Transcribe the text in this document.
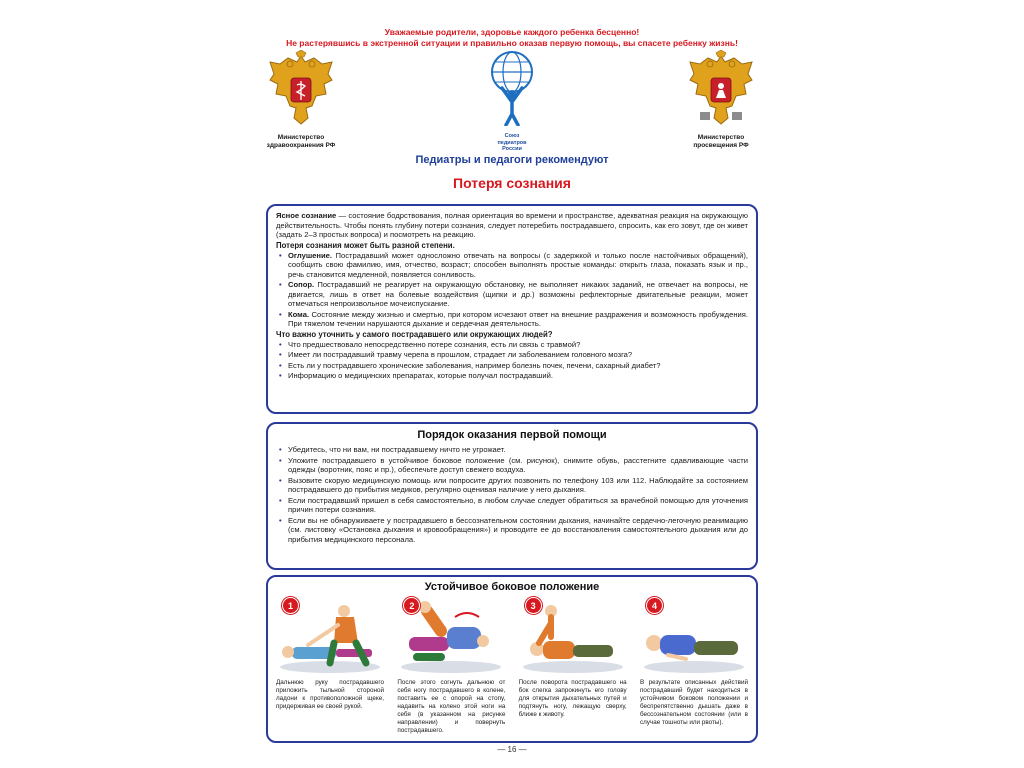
Уважаемые родители, здоровье каждого ребенка бесценно!
Не растерявшись в экстренной ситуации и правильно оказав первую помощь, вы спасете ребенку жизнь!
Министерство
здравоохранения РФ
Союз
педиатров
России
Министерство
просвещения РФ
Педиатры и педагоги рекомендуют
Потеря сознания
Ясное сознание — состояние бодрствования, полная ориентация во времени и пространстве, адекватная реакция на окружающую действительность. Чтобы понять глубину потери сознания, следует потеребить пострадавшего, спросить, как его зовут, где он живет (задать 2–3 простых вопроса) и посмотреть на реакцию.
Потеря сознания может быть разной степени.
• Оглушение. Пострадавший может односложно отвечать на вопросы (с задержкой и только после настойчивых обращений), сообщить свою фамилию, имя, отчество, возраст; способен выполнять простые команды: открыть глаза, показать язык и пр., речь становится медленной, появляется сонливость.
• Сопор. Пострадавший не реагирует на окружающую обстановку, не выполняет никаких заданий, не отвечает на вопросы, не двигается, лишь в ответ на болевые воздействия (щипки и др.) возможны рефлекторные двигательные реакции, может отмечаться непроизвольное мочеиспускание.
• Кома. Состояние между жизнью и смертью, при котором исчезают ответ на внешние раздражения и возможность пробуждения. При тяжелом течении нарушаются дыхание и сердечная деятельность.
Что важно уточнить у самого пострадавшего или окружающих людей?
• Что предшествовало непосредственно потере сознания, есть ли связь с травмой?
• Имеет ли пострадавший травму черепа в прошлом, страдает ли заболеванием головного мозга?
• Есть ли у пострадавшего хронические заболевания, например болезнь почек, печени, сахарный диабет?
• Информацию о медицинских препаратах, которые получал пострадавший.
Порядок оказания первой помощи
• Убедитесь, что ни вам, ни пострадавшему ничто не угрожает.
• Уложите пострадавшего в устойчивое боковое положение (см. рисунок), снимите обувь, расстегните сдавливающие части одежды (воротник, пояс и пр.), обеспечьте доступ свежего воздуха.
• Вызовите скорую медицинскую помощь или попросите других позвонить по телефону 103 или 112. Наблюдайте за состоянием пострадавшего до прибытия медиков, регулярно оценивая наличие у него дыхания.
• Если пострадавший пришел в себя самостоятельно, в любом случае следует обратиться за врачебной помощью для уточнения причин потери сознания.
• Если вы не обнаруживаете у пострадавшего в бессознательном состоянии дыхания, начинайте сердечно-легочную реанимацию (см. листовку «Остановка дыхания и кровообращения») и проводите ее до восстановления самостоятельного дыхания или до прибытия медицинского персонала.
Устойчивое боковое положение
1
Дальнюю руку пострадавшего приложить тыльной стороной ладони к противоположной щеке, придерживая ее своей рукой.
2
После этого согнуть дальнюю от себя ногу пострадавшего в колене, поставить ее с опорой на стопу, надавить на колено этой ноги на себя (в указанном на рисунке направлении) и повернуть пострадавшего.
3
После поворота пострадавшего на бок слегка запрокинуть его голову для открытия дыхательных путей и подтянуть ногу, лежащую сверху, ближе к животу.
4
В результате описанных действий пострадавший будет находиться в устойчивом боковом положении и беспрепятственно дышать даже в бессознательном состоянии (или в случае тошноты или рвоты).
— 16 —
